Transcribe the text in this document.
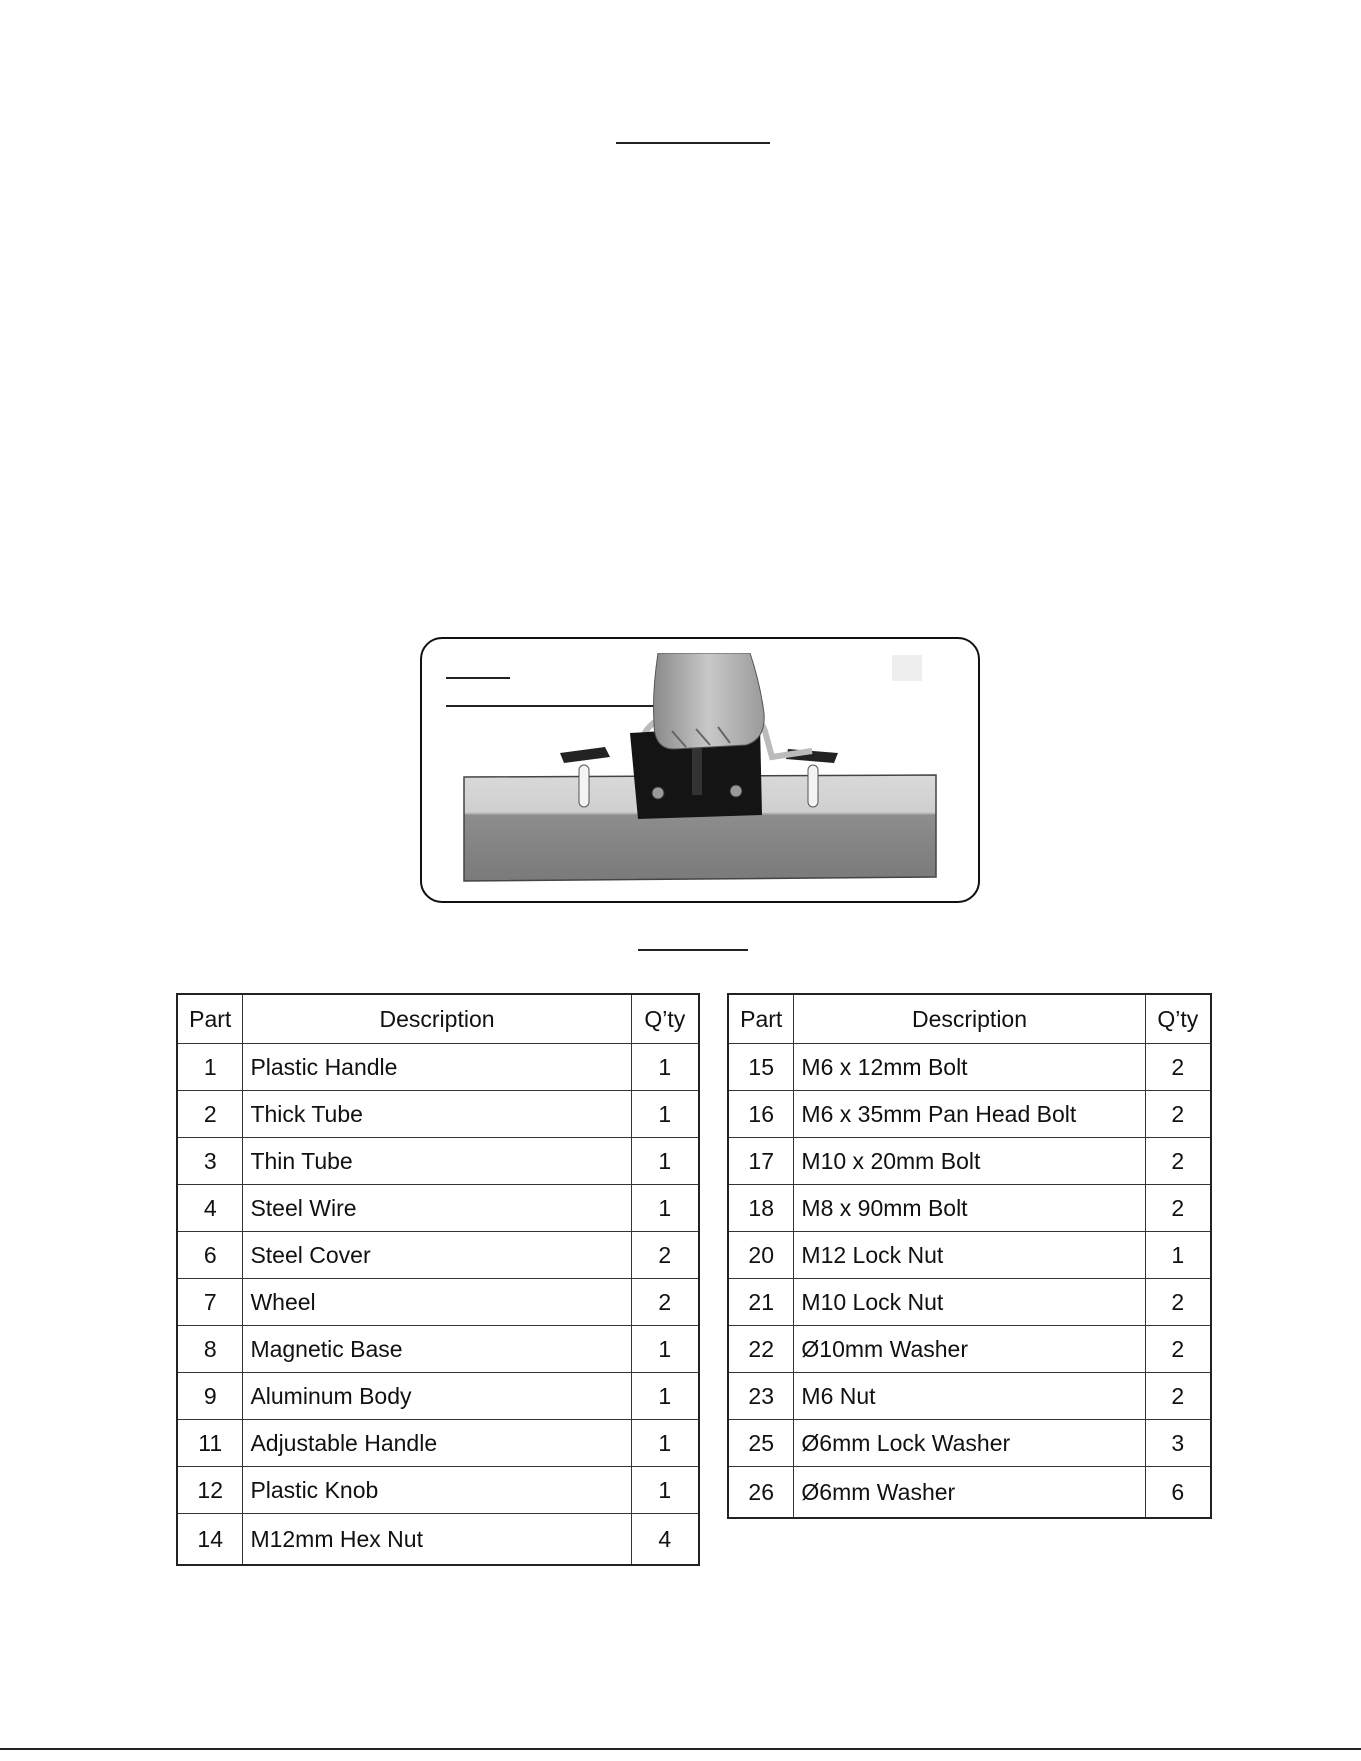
Part	Description	Q’ty
1	Plastic Handle	1
2	Thick Tube	1
3	Thin Tube	1
4	Steel Wire	1
6	Steel Cover	2
7	Wheel	2
8	Magnetic Base	1
9	Aluminum Body	1
11	Adjustable Handle	1
12	Plastic Knob	1
14	M12mm Hex Nut	4
Part	Description	Q’ty
15	M6 x 12mm Bolt	2
16	M6 x 35mm Pan Head Bolt	2
17	M10 x 20mm Bolt	2
18	M8 x 90mm Bolt	2
20	M12 Lock Nut	1
21	M10 Lock Nut	2
22	Ø10mm Washer	2
23	M6 Nut	2
25	Ø6mm Lock Washer	3
26	Ø6mm Washer	6
